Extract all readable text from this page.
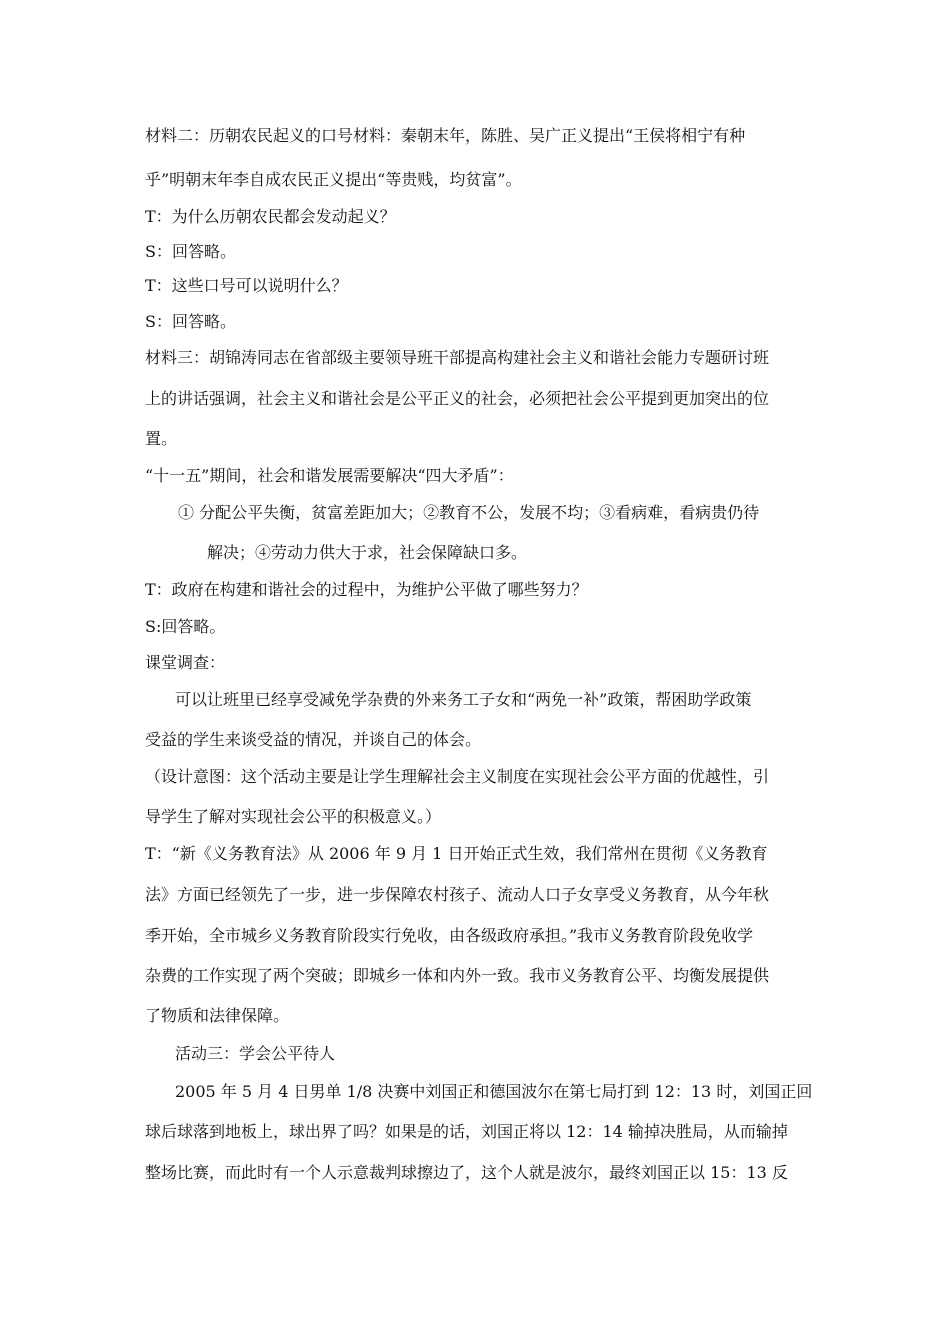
材料二：历朝农民起义的口号材料：秦朝末年，陈胜、吴广正义提出“王侯将相宁有种
乎”明朝末年李自成农民正义提出“等贵贱，均贫富”。
T：为什么历朝农民都会发动起义？
S：回答略。
T：这些口号可以说明什么？
S：回答略。
材料三：胡锦涛同志在省部级主要领导班干部提高构建社会主义和谐社会能力专题研讨班
上的讲话强调，社会主义和谐社会是公平正义的社会，必须把社会公平提到更加突出的位
置。
“十一五”期间，社会和谐发展需要解决“四大矛盾”：
① 分配公平失衡，贫富差距加大；②教育不公，发展不均；③看病难，看病贵仍待
解决；④劳动力供大于求，社会保障缺口多。
T：政府在构建和谐社会的过程中，为维护公平做了哪些努力？
S:回答略。
课堂调查：
可以让班里已经享受减免学杂费的外来务工子女和“两免一补”政策，帮困助学政策
受益的学生来谈受益的情况，并谈自己的体会。
（设计意图：这个活动主要是让学生理解社会主义制度在实现社会公平方面的优越性，引
导学生了解对实现社会公平的积极意义。）
T：“新《义务教育法》从 2006 年 9 月 1 日开始正式生效，我们常州在贯彻《义务教育
法》方面已经领先了一步，进一步保障农村孩子、流动人口子女享受义务教育，从今年秋
季开始，全市城乡义务教育阶段实行免收，由各级政府承担。”我市义务教育阶段免收学
杂费的工作实现了两个突破；即城乡一体和内外一致。我市义务教育公平、均衡发展提供
了物质和法律保障。
活动三：学会公平待人
2005 年 5 月 4 日男单 1/8 决赛中刘国正和德国波尔在第七局打到 12：13 时，刘国正回
球后球落到地板上，球出界了吗？如果是的话，刘国正将以 12：14 输掉决胜局，从而输掉
整场比赛，而此时有一个人示意裁判球擦边了，这个人就是波尔，最终刘国正以 15：13 反
